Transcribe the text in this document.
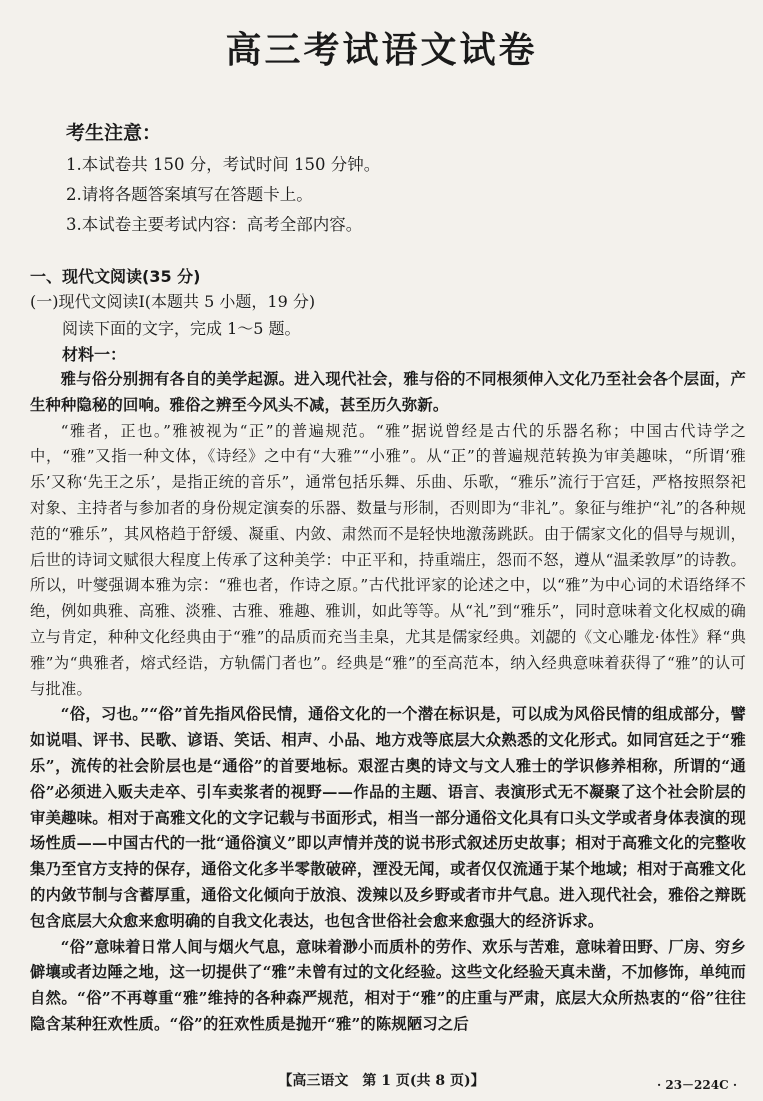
高三考试语文试卷
考生注意：
1.本试卷共 150 分，考试时间 150 分钟。
2.请将各题答案填写在答题卡上。
3.本试卷主要考试内容：高考全部内容。
一、现代文阅读(35 分)
(一)现代文阅读Ⅰ(本题共 5 小题，19 分)
阅读下面的文字，完成 1～5 题。
材料一：

雅与俗分别拥有各自的美学起源。进入现代社会，雅与俗的不同根须伸入文化乃至社会各个层面，产生种种隐秘的回响。雅俗之辨至今风头不减，甚至历久弥新。

“雅者，正也。”雅被视为“正”的普遍规范。“雅”据说曾经是古代的乐器名称；中国古代诗学之中，“雅”又指一种文体，《诗经》之中有“大雅”“小雅”。从“正”的普遍规范转换为审美趣味，“所谓‘雅乐’又称‘先王之乐’，是指正统的音乐”，通常包括乐舞、乐曲、乐歌，“雅乐”流行于宫廷，严格按照祭祀对象、主持者与参加者的身份规定演奏的乐器、数量与形制，否则即为“非礼”。象征与维护“礼”的各种规范的“雅乐”，其风格趋于舒缓、凝重、内敛、肃然而不是轻快地激荡跳跃。由于儒家文化的倡导与规训，后世的诗词文赋很大程度上传承了这种美学：中正平和，持重端庄，怨而不怒，遵从“温柔敦厚”的诗教。所以，叶燮强调本雅为宗：“雅也者，作诗之原。”古代批评家的论述之中，以“雅”为中心词的术语络绎不绝，例如典雅、高雅、淡雅、古雅、雅趣、雅训，如此等等。从“礼”到“雅乐”，同时意味着文化权威的确立与肯定，种种文化经典由于“雅”的品质而充当圭臬，尤其是儒家经典。刘勰的《文心雕龙·体性》释“典雅”为“典雅者，熔式经诰，方轨儒门者也”。经典是“雅”的至高范本，纳入经典意味着获得了“雅”的认可与批准。

“俗，习也。”“俗”首先指风俗民情，通俗文化的一个潜在标识是，可以成为风俗民情的组成部分，譬如说唱、评书、民歌、谚语、笑话、相声、小品、地方戏等底层大众熟悉的文化形式。如同宫廷之于“雅乐”，流传的社会阶层也是“通俗”的首要地标。艰涩古奥的诗文与文人雅士的学识修养相称，所谓的“通俗”必须进入贩夫走卒、引车卖浆者的视野——作品的主题、语言、表演形式无不凝聚了这个社会阶层的审美趣味。相对于高雅文化的文字记载与书面形式，相当一部分通俗文化具有口头文学或者身体表演的现场性质——中国古代的一批“通俗演义”即以声情并茂的说书形式叙述历史故事；相对于高雅文化的完整收集乃至官方支持的保存，通俗文化多半零散破碎，湮没无闻，或者仅仅流通于某个地域；相对于高雅文化的内敛节制与含蓄厚重，通俗文化倾向于放浪、泼辣以及乡野或者市井气息。进入现代社会，雅俗之辩既包含底层大众愈来愈明确的自我文化表达，也包含世俗社会愈来愈强大的经济诉求。

“俗”意味着日常人间与烟火气息，意味着渺小而质朴的劳作、欢乐与苦难，意味着田野、厂房、穷乡僻壤或者边陲之地，这一切提供了“雅”未曾有过的文化经验。这些文化经验天真未凿，不加修饰，单纯而自然。“俗”不再尊重“雅”维持的各种森严规范，相对于“雅”的庄重与严肃，底层大众所热衷的“俗”往往隐含某种狂欢性质。“俗”的狂欢性质是抛开“雅”的陈规陋习之后

【高三语文　第 1 页(共 8 页)】	· 23－224C ·
